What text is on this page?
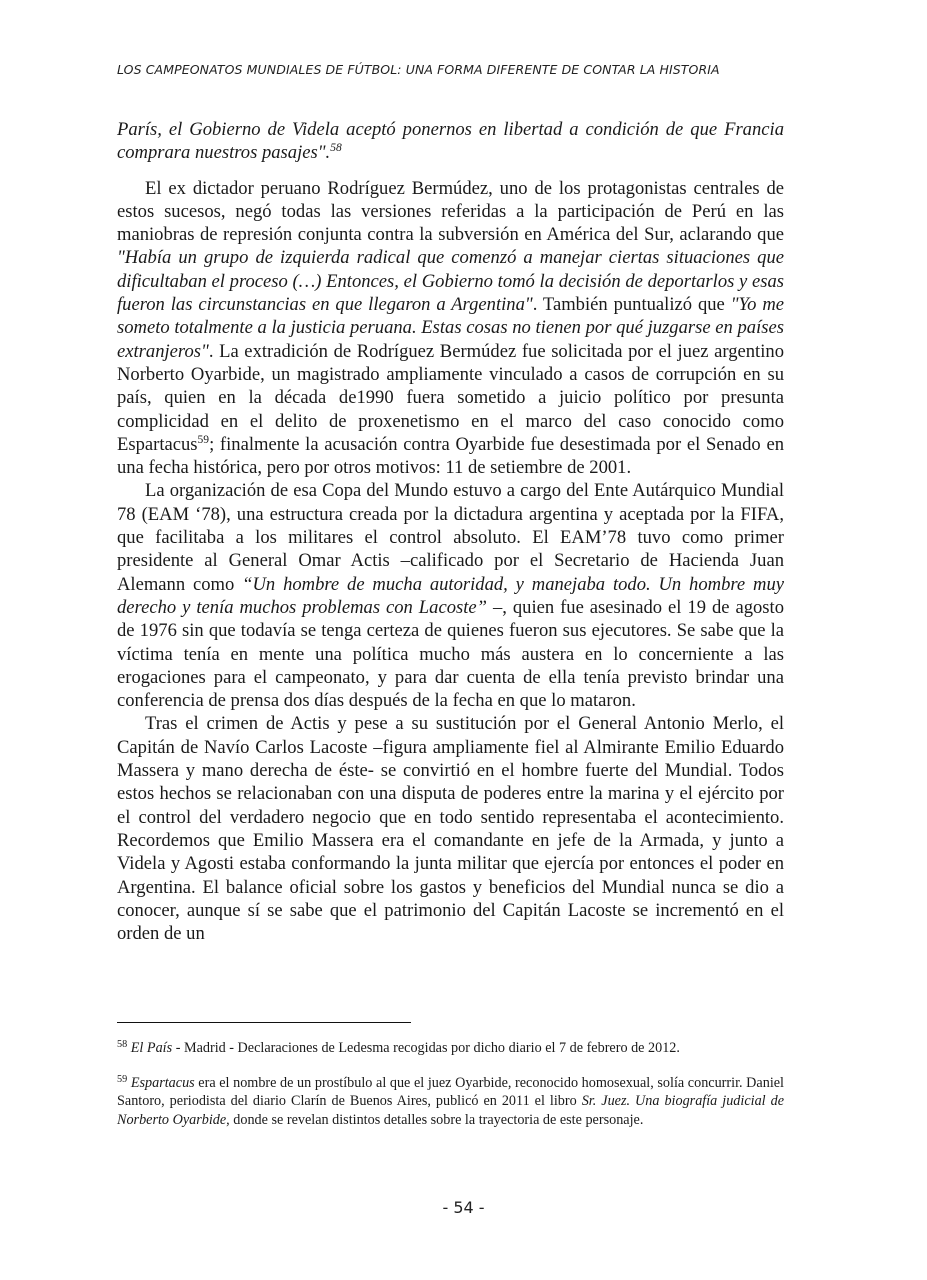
LOS CAMPEONATOS MUNDIALES DE FÚTBOL: UNA FORMA DIFERENTE DE CONTAR LA HISTORIA

París, el Gobierno de Videla aceptó ponernos en libertad a condición de que Francia comprara nuestros pasajes".$^{58}$

El ex dictador peruano Rodríguez Bermúdez, uno de los protagonistas centrales de estos sucesos, negó todas las versiones referidas a la participación de Perú en las maniobras de represión conjunta contra la subversión en América del Sur, aclarando que "Había un grupo de izquierda radical que comenzó a manejar ciertas situaciones que dificultaban el proceso (…) Entonces, el Gobierno tomó la decisión de deportarlos y esas fueron las circunstancias en que llegaron a Argentina". También puntualizó que "Yo me someto totalmente a la justicia peruana. Estas cosas no tienen por qué juzgarse en países extranjeros". La extradición de Rodríguez Bermúdez fue solicitada por el juez argentino Norberto Oyarbide, un magistrado ampliamente vinculado a casos de corrupción en su país, quien en la década de1990 fuera sometido a juicio político por presunta complicidad en el delito de proxenetismo en el marco del caso conocido como Espartacus$^{59}$; finalmente la acusación contra Oyarbide fue desestimada por el Senado en una fecha histórica, pero por otros motivos: 11 de setiembre de 2001.

La organización de esa Copa del Mundo estuvo a cargo del Ente Autárquico Mundial 78 (EAM ‘78), una estructura creada por la dictadura argentina y aceptada por la FIFA, que facilitaba a los militares el control absoluto. El EAM’78 tuvo como primer presidente al General Omar Actis –calificado por el Secretario de Hacienda Juan Alemann como “Un hombre de mucha autoridad, y manejaba todo. Un hombre muy derecho y tenía muchos problemas con Lacoste” –, quien fue asesinado el 19 de agosto de 1976 sin que todavía se tenga certeza de quienes fueron sus ejecutores. Se sabe que la víctima tenía en mente una política mucho más austera en lo concerniente a las erogaciones para el campeonato, y para dar cuenta de ella tenía previsto brindar una conferencia de prensa dos días después de la fecha en que lo mataron.

Tras el crimen de Actis y pese a su sustitución por el General Antonio Merlo, el Capitán de Navío Carlos Lacoste –figura ampliamente fiel al Almirante Emilio Eduardo Massera y mano derecha de éste- se convirtió en el hombre fuerte del Mundial. Todos estos hechos se relacionaban con una disputa de poderes entre la marina y el ejército por el control del verdadero negocio que en todo sentido representaba el acontecimiento. Recordemos que Emilio Massera era el comandante en jefe de la Armada, y junto a Videla y Agosti estaba conformando la junta militar que ejercía por entonces el poder en Argentina. El balance oficial sobre los gastos y beneficios del Mundial nunca se dio a conocer, aunque sí se sabe que el patrimonio del Capitán Lacoste se incrementó en el orden de un

$^{58}$ El País - Madrid - Declaraciones de Ledesma recogidas por dicho diario el 7 de febrero de 2012.

$^{59}$ Espartacus era el nombre de un prostíbulo al que el juez Oyarbide, reconocido homosexual, solía concurrir. Daniel Santoro, periodista del diario Clarín de Buenos Aires, publicó en 2011 el libro Sr. Juez. Una biografía judicial de Norberto Oyarbide, donde se revelan distintos detalles sobre la trayectoria de este personaje.

- 54 -
